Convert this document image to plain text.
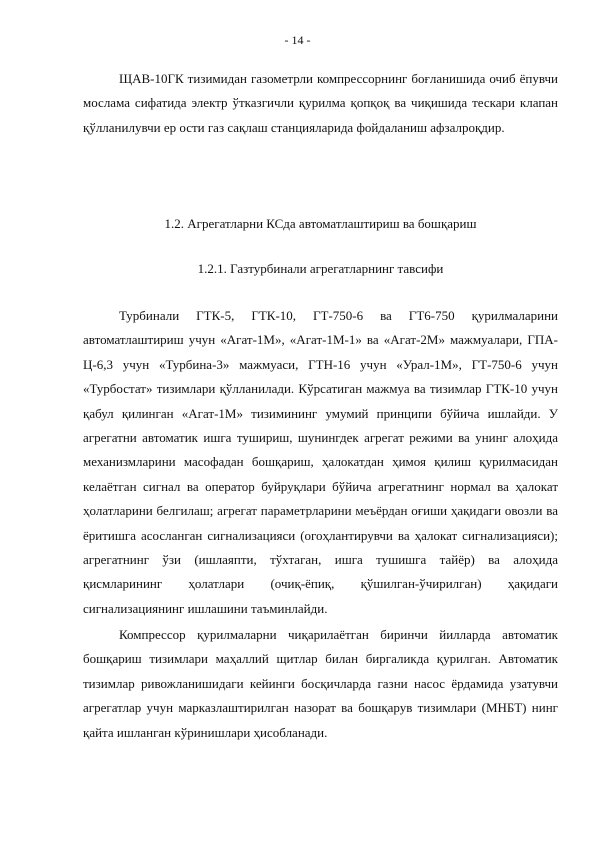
- 14 -

ЩАВ-10ГК тизимидан газометрли компрессорнинг боғланишида очиб ёпувчи мослама сифатида электр ўтказгичли қурилма қопқоқ ва чиқишида тескари клапан қўлланилувчи ер ости газ сақлаш станцияларида фойдаланиш афзалроқдир.

1.2. Агрегатларни КСда автоматлаштириш ва бошқариш

1.2.1. Газтурбинали агрегатларнинг тавсифи

Турбинали ГТК-5, ГТК-10, ГТ-750-6 ва ГТ6-750 қурилмаларини автоматлаштириш учун «Агат-1М», «Агат-1М-1» ва «Агат-2М» мажмуалари, ГПА-Ц-6,3 учун «Турбина-3» мажмуаси, ГТН-16 учун «Урал-1М», ГТ-750-6 учун «Турбостат» тизимлари қўлланилади. Кўрсатиган мажмуа ва тизимлар ГТК-10 учун қабул қилинган «Агат-1М» тизимининг умумий принципи бўйича ишлайди. У агрегатни автоматик ишга тушириш, шунингдек агрегат режими ва унинг алоҳида механизмларини масофадан бошқариш, ҳалокатдан ҳимоя қилиш қурилмасидан келаётган сигнал ва оператор буйруқлари бўйича агрегатнинг нормал ва ҳалокат ҳолатларини белгилаш; агрегат параметрларини меъёрдан оғиши ҳақидаги овозли ва ёритишга асосланган сигнализацияси (огоҳлантирувчи ва ҳалокат сигнализацияси); агрегатнинг ўзи (ишлаяпти, тўхтаган, ишга тушишга тайёр) ва алоҳида қисмларининг ҳолатлари (очиқ-ёпиқ, қўшилган-ўчирилган) ҳақидаги сигнализациянинг ишлашини таъминлайди.

Компрессор қурилмаларни чиқарилаётган биринчи йилларда автоматик бошқариш тизимлари маҳаллий щитлар билан биргаликда қурилган. Автоматик тизимлар ривожланишидаги кейинги босқичларда газни насос ёрдамида узатувчи агрегатлар учун марказлаштирилган назорат ва бошқарув тизимлари (МНБТ) нинг қайта ишланган кўринишлари ҳисобланади.
